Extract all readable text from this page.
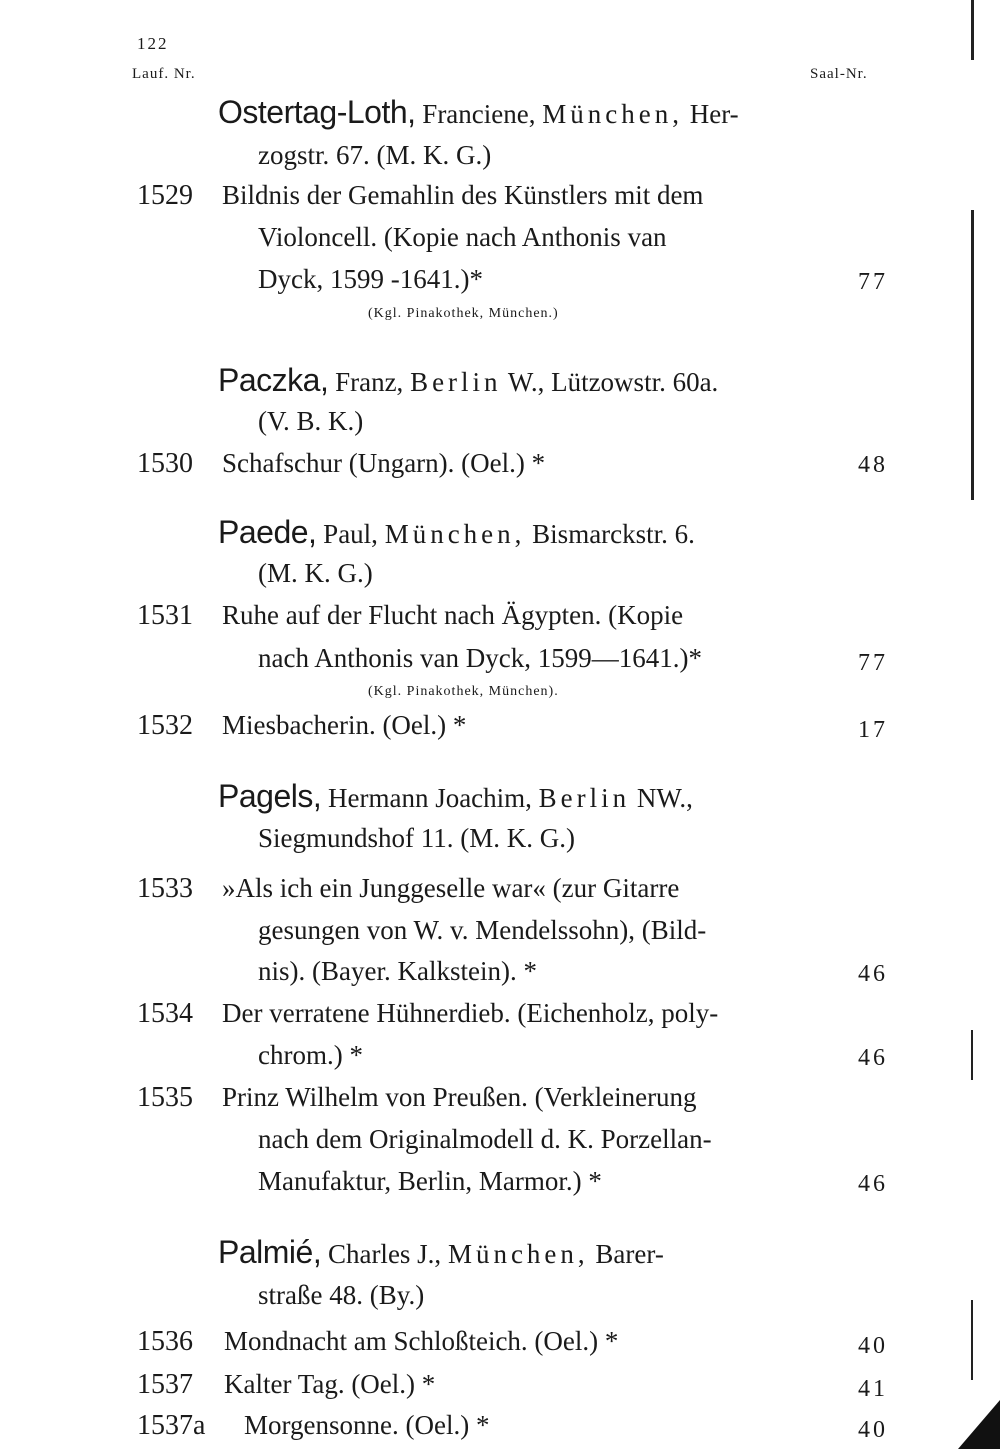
122
Lauf. Nr.	Saal-Nr.
Ostertag-Loth, Franciene, München, Her-
zogstr. 67. (M. K. G.)
1529 Bildnis der Gemahlin des Künstlers mit dem
Violoncell. (Kopie nach Anthonis van
Dyck, 1599 -1641.)*	77
(Kgl. Pinakothek, München.)
Paczka, Franz, Berlin W., Lützowstr. 60a.
(V. B. K.)
1530 Schafschur (Ungarn). (Oel.) *	48
Paede, Paul, München, Bismarckstr. 6.
(M. K. G.)
1531 Ruhe auf der Flucht nach Ägypten. (Kopie
nach Anthonis van Dyck, 1599—1641.)*	77
(Kgl. Pinakothek, München).
1532 Miesbacherin. (Oel.) *	17
Pagels, Hermann Joachim, Berlin NW.,
Siegmundshof 11. (M. K. G.)
1533 »Als ich ein Junggeselle war« (zur Gitarre
gesungen von W. v. Mendelssohn), (Bild-
nis). (Bayer. Kalkstein). *	46
1534 Der verratene Hühnerdieb. (Eichenholz, poly-
chrom.) *	46
1535 Prinz Wilhelm von Preußen. (Verkleinerung
nach dem Originalmodell d. K. Porzellan-
Manufaktur, Berlin, Marmor.) *	46
Palmié, Charles J., München, Barer-
straße 48. (By.)
1536 Mondnacht am Schloßteich. (Oel.) *	40
1537 Kalter Tag. (Oel.) *	41
1537a Morgensonne. (Oel.) *	40
